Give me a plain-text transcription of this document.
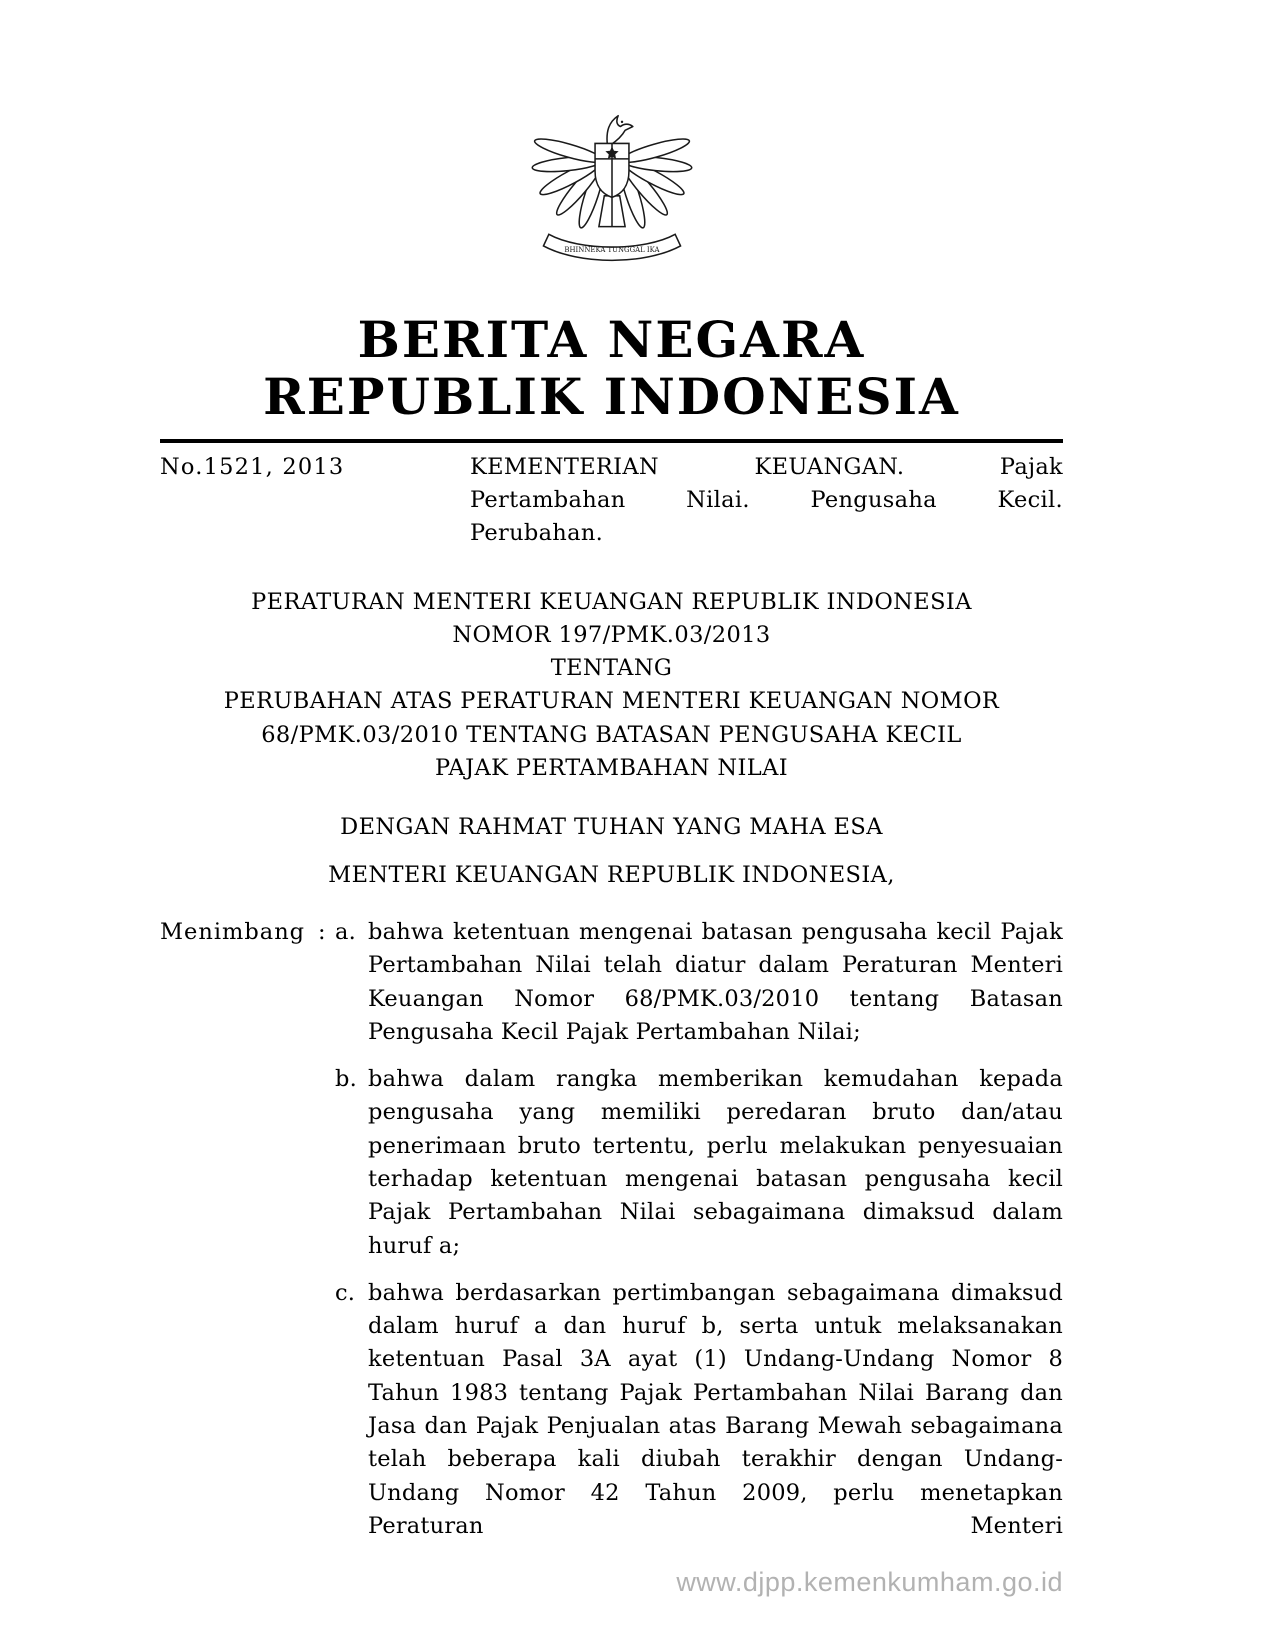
BHINNEKA TUNGGAL IKA
BERITA NEGARA
REPUBLIK INDONESIA
No.1521, 2013	KEMENTERIAN KEUANGAN. Pajak
Pertambahan Nilai. Pengusaha Kecil.
Perubahan.
PERATURAN MENTERI KEUANGAN REPUBLIK INDONESIA
NOMOR 197/PMK.03/2013
TENTANG
PERUBAHAN ATAS PERATURAN MENTERI KEUANGAN NOMOR
68/PMK.03/2010 TENTANG BATASAN PENGUSAHA KECIL
PAJAK PERTAMBAHAN NILAI

DENGAN RAHMAT TUHAN YANG MAHA ESA

MENTERI KEUANGAN REPUBLIK INDONESIA,

Menimbang : a. bahwa ketentuan mengenai batasan pengusaha kecil Pajak Pertambahan Nilai telah diatur dalam Peraturan Menteri Keuangan Nomor 68/PMK.03/2010 tentang Batasan Pengusaha Kecil Pajak Pertambahan Nilai;
b. bahwa dalam rangka memberikan kemudahan kepada pengusaha yang memiliki peredaran bruto dan/atau penerimaan bruto tertentu, perlu melakukan penyesuaian terhadap ketentuan mengenai batasan pengusaha kecil Pajak Pertambahan Nilai sebagaimana dimaksud dalam huruf a;
c. bahwa berdasarkan pertimbangan sebagaimana dimaksud dalam huruf a dan huruf b, serta untuk melaksanakan ketentuan Pasal 3A ayat (1) Undang-Undang Nomor 8 Tahun 1983 tentang Pajak Pertambahan Nilai Barang dan Jasa dan Pajak Penjualan atas Barang Mewah sebagaimana telah beberapa kali diubah terakhir dengan Undang-Undang Nomor 42 Tahun 2009, perlu menetapkan Peraturan Menteri
www.djpp.kemenkumham.go.id
